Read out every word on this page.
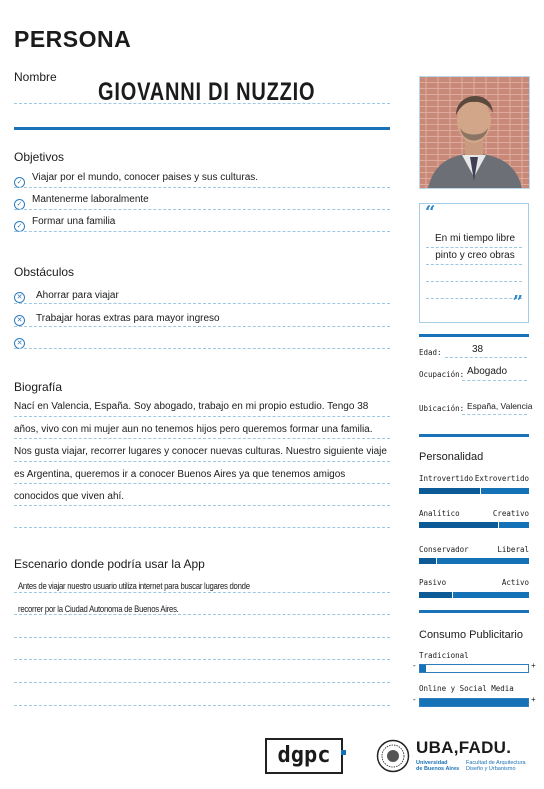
PERSONA
Nombre
GIOVANNI DI NUZZIO
Objetivos
✓ Viajar por el mundo, conocer paises y sus culturas.
✓ Mantenerme laboralmente
✓ Formar una familia
Obstáculos
✕ Ahorrar para viajar
✕ Trabajar horas extras para mayor ingreso
✕
Biografía
Nací en Valencia, España. Soy abogado, trabajo en mi propio estudio. Tengo 38 años, vivo con mi mujer aun no tenemos hijos pero queremos formar una familia. Nos gusta viajar, recorrer lugares y conocer nuevas culturas. Nuestro siguiente viaje es Argentina, queremos ir a conocer Buenos Aires ya que tenemos amigos conocidos que viven ahí.
Escenario donde podría usar la App
Antes de viajar nuestro usuario utiliza internet para buscar lugares donde
recorrer por la Ciudad Autonoma de Buenos Aires.
“
En mi tiempo libre pinto y creo obras
”
Edad:	38
Ocupación: Abogado
Ubicación: España, Valencia
Personalidad
Introvertido Extrovertido
Analítico	Creativo
Conservador	Liberal
Pasivo	Activo
Consumo Publicitario
Tradicional
-	+
Online y Social Media
-	+
dgpc	UBA,FADU.
Universidad
de Buenos Aires
Facultad de Arquitectura
Diseño y Urbanismo
